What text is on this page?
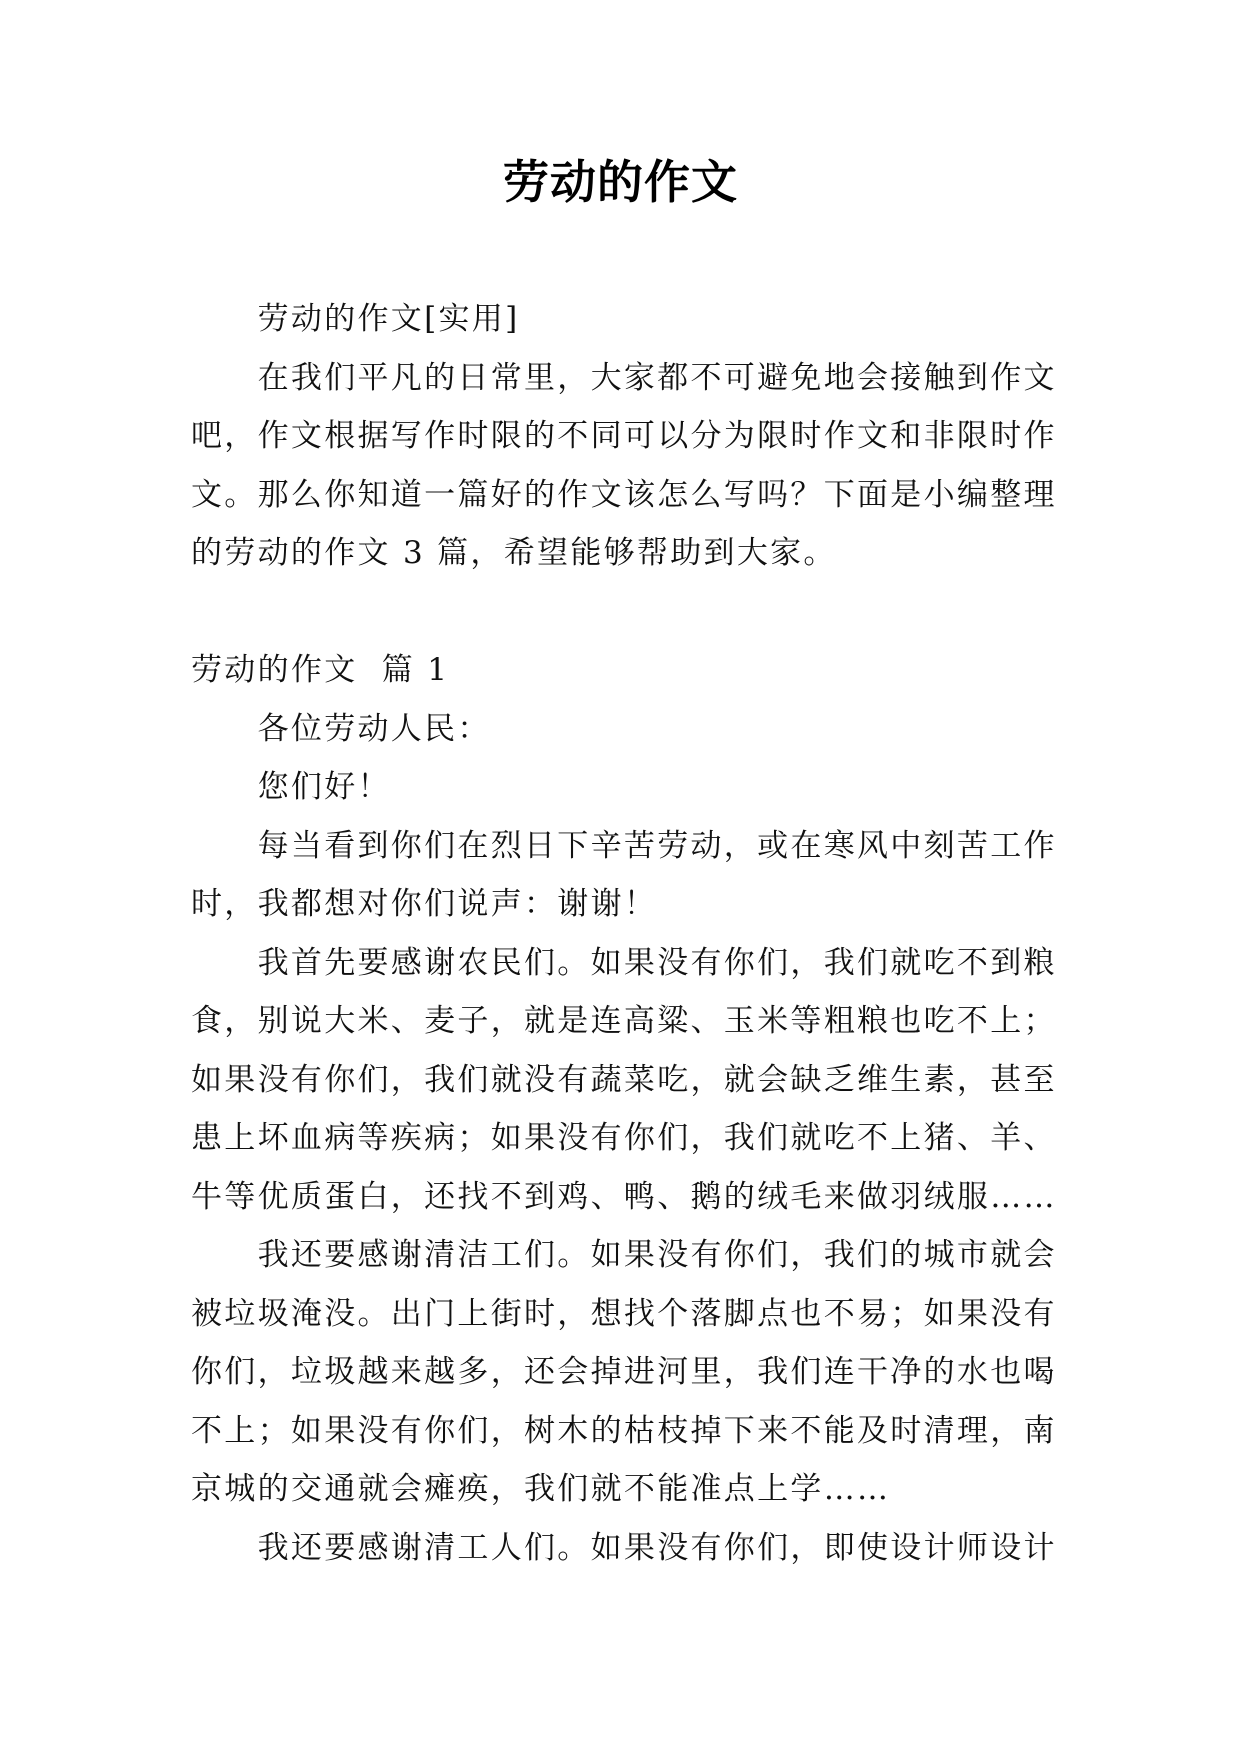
劳动的作文
劳动的作文[实用]
在我们平凡的日常里，大家都不可避免地会接触到作文
吧，作文根据写作时限的不同可以分为限时作文和非限时作
文。那么你知道一篇好的作文该怎么写吗？下面是小编整理
的劳动的作文 3 篇，希望能够帮助到大家。
劳动的作文  篇 1
各位劳动人民：
您们好！
每当看到你们在烈日下辛苦劳动，或在寒风中刻苦工作
时，我都想对你们说声：谢谢！
我首先要感谢农民们。如果没有你们，我们就吃不到粮
食，别说大米、麦子，就是连高粱、玉米等粗粮也吃不上；
如果没有你们，我们就没有蔬菜吃，就会缺乏维生素，甚至
患上坏血病等疾病；如果没有你们，我们就吃不上猪、羊、
牛等优质蛋白，还找不到鸡、鸭、鹅的绒毛来做羽绒服……
我还要感谢清洁工们。如果没有你们，我们的城市就会
被垃圾淹没。出门上街时，想找个落脚点也不易；如果没有
你们，垃圾越来越多，还会掉进河里，我们连干净的水也喝
不上；如果没有你们，树木的枯枝掉下来不能及时清理，南
京城的交通就会瘫痪，我们就不能准点上学……
我还要感谢清工人们。如果没有你们，即使设计师设计
